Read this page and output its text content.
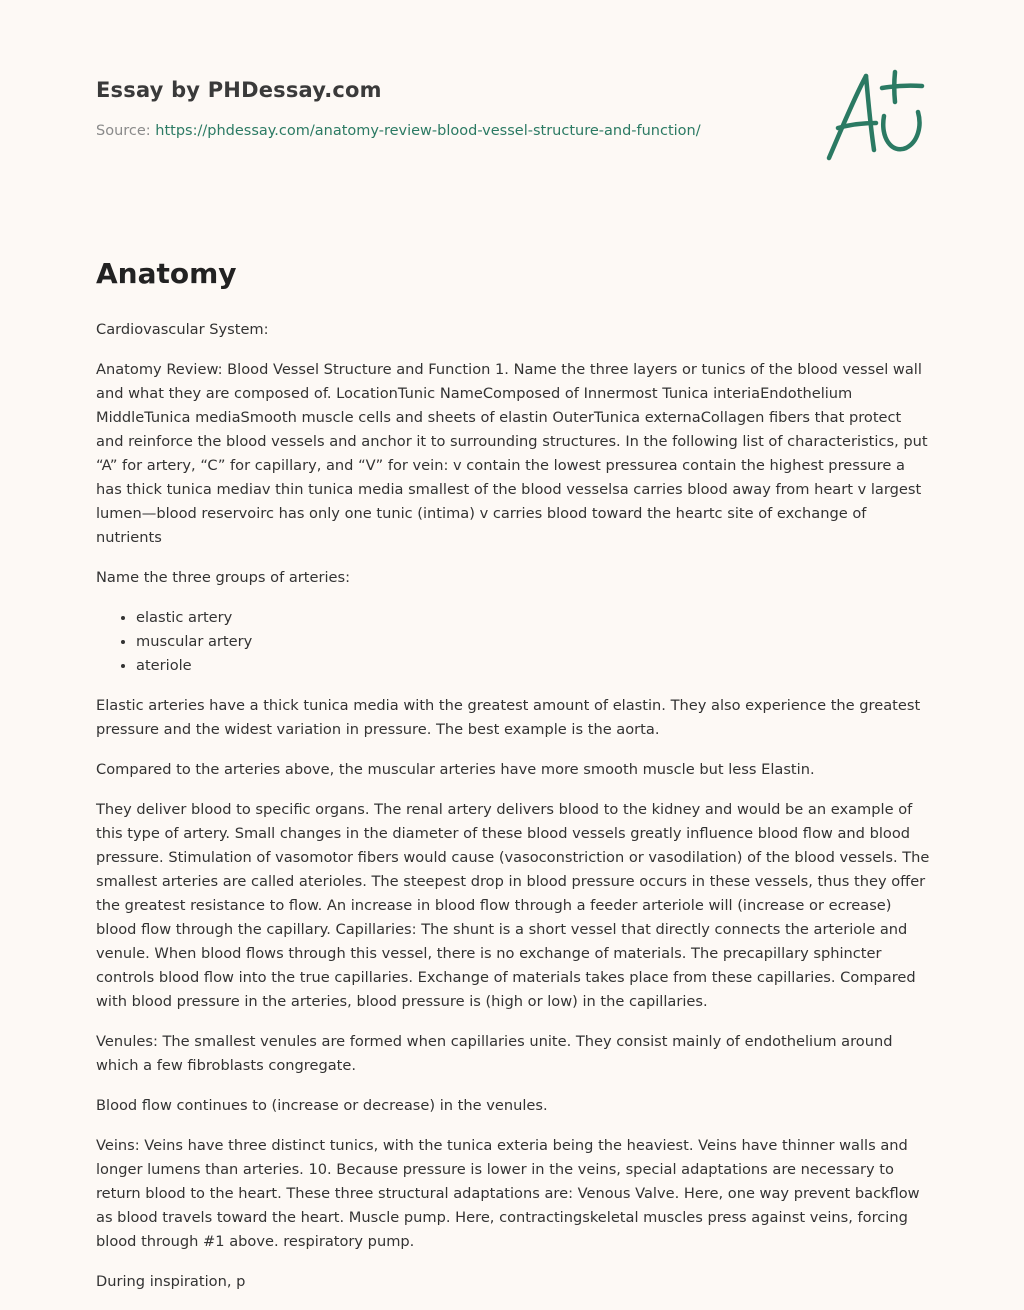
Essay by PHDessay.com
Source: https://phdessay.com/anatomy-review-blood-vessel-structure-and-function/
Anatomy

Cardiovascular System:

Anatomy Review: Blood Vessel Structure and Function 1. Name the three layers or tunics of the blood vessel wall and what they are composed of. LocationTunic NameComposed of Innermost Tunica interiaEndothelium MiddleTunica mediaSmooth muscle cells and sheets of elastin OuterTunica externaCollagen fibers that protect and reinforce the blood vessels and anchor it to surrounding structures. In the following list of characteristics, put “A” for artery, “C” for capillary, and “V” for vein: v contain the lowest pressurea contain the highest pressure a has thick tunica mediav thin tunica media smallest of the blood vesselsa carries blood away from heart v largest lumen—blood reservoirc has only one tunic (intima) v carries blood toward the heartc site of exchange of nutrients

Name the three groups of arteries:

• elastic artery
• muscular artery
• ateriole

Elastic arteries have a thick tunica media with the greatest amount of elastin. They also experience the greatest pressure and the widest variation in pressure. The best example is the aorta.

Compared to the arteries above, the muscular arteries have more smooth muscle but less Elastin.

They deliver blood to specific organs. The renal artery delivers blood to the kidney and would be an example of this type of artery. Small changes in the diameter of these blood vessels greatly influence blood flow and blood pressure. Stimulation of vasomotor fibers would cause (vasoconstriction or vasodilation) of the blood vessels. The smallest arteries are called aterioles. The steepest drop in blood pressure occurs in these vessels, thus they offer the greatest resistance to flow. An increase in blood flow through a feeder arteriole will (increase or ecrease) blood flow through the capillary. Capillaries: The shunt is a short vessel that directly connects the arteriole and venule. When blood flows through this vessel, there is no exchange of materials. The precapillary sphincter controls blood flow into the true capillaries. Exchange of materials takes place from these capillaries. Compared with blood pressure in the arteries, blood pressure is (high or low) in the capillaries.

Venules: The smallest venules are formed when capillaries unite. They consist mainly of endothelium around which a few fibroblasts congregate.

Blood flow continues to (increase or decrease) in the venules.

Veins: Veins have three distinct tunics, with the tunica exteria being the heaviest. Veins have thinner walls and longer lumens than arteries. 10. Because pressure is lower in the veins, special adaptations are necessary to return blood to the heart. These three structural adaptations are: Venous Valve. Here, one way prevent backflow as blood travels toward the heart. Muscle pump. Here, contractingskeletal muscles press against veins, forcing blood through #1 above. respiratory pump.

During inspiration, p
